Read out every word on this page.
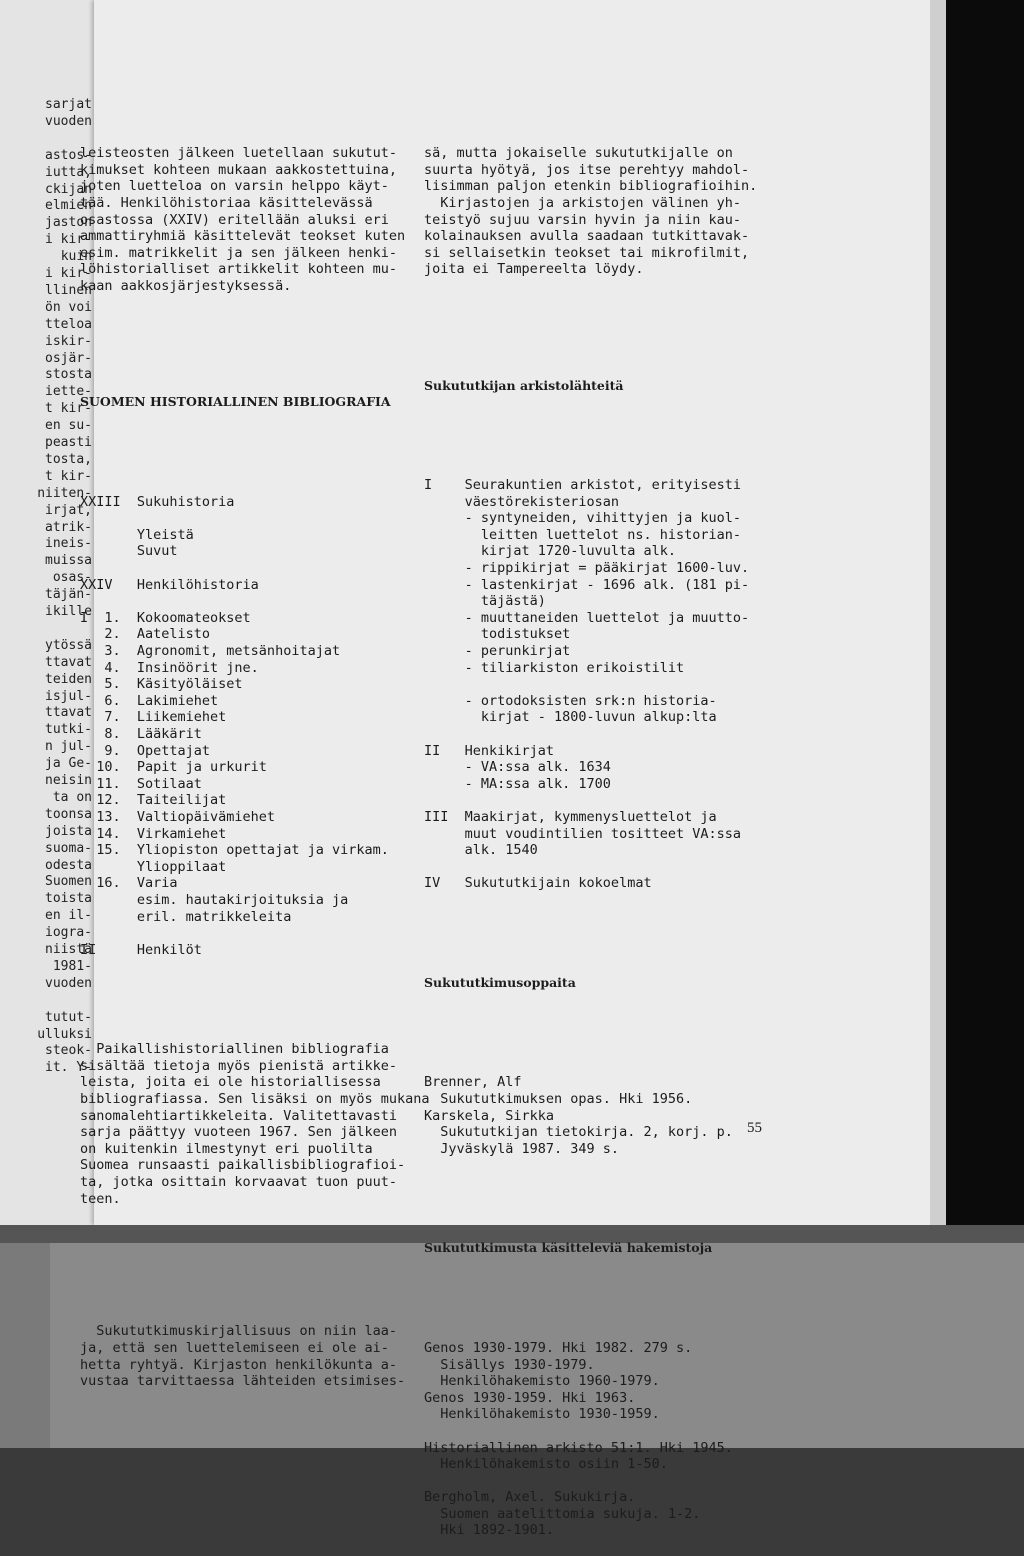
sarjat
vuoden
astos-
iutta,
ckijan
elmien
jaston
i kir-
kuin
i kir-
llinen
ön voi
tteloa
iskir-
osjär-
stosta
iette-
t kir-
en su-
peasti
tosta,
t kir-
niiten-
irjat,
atrik-
ineis-
muissa
osas-
täjän-
ikille
ytössä
ttavat
teiden
isjul-
ttavat
tutki-
n jul-
ja Ge-
neisin
ta on
toonsa
joista
suoma-
odesta
Suomen
toista
en il-
iogra-
niistä
1981-
vuoden
tutut-
ulluksi
steok-
it. Y-

leisteosten jälkeen luetellaan sukutut-
kimukset kohteen mukaan aakkostettuina,
joten luetteloa on varsin helppo käyt-
tää. Henkilöhistoriaa käsittelevässä
osastossa (XXIV) eritellään aluksi eri
ammattiryhmiä käsittelevät teokset kuten
esim. matrikkelit ja sen jälkeen henki-
löhistorialliset artikkelit kohteen mu-
kaan aakkosjärjestyksessä.

SUOMEN HISTORIALLINEN BIBLIOGRAFIA

XXIII  Sukuhistoria

Yleistä
Suvut

XXIV   Henkilöhistoria

I  1.  Kokoomateokset
2.  Aatelisto
3.  Agronomit, metsänhoitajat
4.  Insinöörit jne.
5.  Käsityöläiset
6.  Lakimiehet
7.  Liikemiehet
8.  Lääkärit
9.  Opettajat
10.  Papit ja urkurit
11.  Sotilaat
12.  Taiteilijat
13.  Valtiopäivämiehet
14.  Virkamiehet
15.  Yliopiston opettajat ja virkam.
Ylioppilaat
16.  Varia
esim. hautakirjoituksia ja
eril. matrikkeleita

II     Henkilöt

Paikallishistoriallinen bibliografia
sisältää tietoja myös pienistä artikke-
leista, joita ei ole historiallisessa
bibliografiassa. Sen lisäksi on myös mukana
sanomalehtiartikkeleita. Valitettavasti
sarja päättyy vuoteen 1967. Sen jälkeen
on kuitenkin ilmestynyt eri puolilta
Suomea runsaasti paikallisbibliografioi-
ta, jotka osittain korvaavat tuon puut-
teen.

Sukututkimuskirjallisuus on niin laa-
ja, että sen luettelemiseen ei ole ai-
hetta ryhtyä. Kirjaston henkilökunta a-
vustaa tarvittaessa lähteiden etsimises-

sä, mutta jokaiselle sukututkijalle on
suurta hyötyä, jos itse perehtyy mahdol-
lisimman paljon etenkin bibliografioihin.
Kirjastojen ja arkistojen välinen yh-
teistyö sujuu varsin hyvin ja niin kau-
kolainauksen avulla saadaan tutkittavak-
si sellaisetkin teokset tai mikrofilmit,
joita ei Tampereelta löydy.

Sukututkijan arkistolähteitä

I    Seurakuntien arkistot, erityisesti
väestörekisteriosan
- syntyneiden, vihittyjen ja kuol-
leitten luettelot ns. historian-
kirjat 1720-luvulta alk.
- rippikirjat = pääkirjat 1600-luv.
- lastenkirjat - 1696 alk. (181 pi-
täjästä)
- muuttaneiden luettelot ja muutto-
todistukset
- perunkirjat
- tiliarkiston erikoistilit

- ortodoksisten srk:n historia-
kirjat - 1800-luvun alkup:lta

II   Henkikirjat
- VA:ssa alk. 1634
- MA:ssa alk. 1700

III  Maakirjat, kymmenysluettelot ja
muut voudintilien tositteet VA:ssa
alk. 1540

IV   Sukututkijain kokoelmat

Sukututkimusoppaita

Brenner, Alf
Sukututkimuksen opas. Hki 1956.
Karskela, Sirkka
Sukututkijan tietokirja. 2, korj. p.
Jyväskylä 1987. 349 s.

Sukututkimusta käsitteleviä hakemistoja

Genos 1930-1979. Hki 1982. 279 s.
Sisällys 1930-1979.
Henkilöhakemisto 1960-1979.
Genos 1930-1959. Hki 1963.
Henkilöhakemisto 1930-1959.

Historiallinen arkisto 51:1. Hki 1945.
Henkilöhakemisto osiin 1-50.

Bergholm, Axel. Sukukirja.
Suomen aatelittomia sukuja. 1-2.
Hki 1892-1901.

55
